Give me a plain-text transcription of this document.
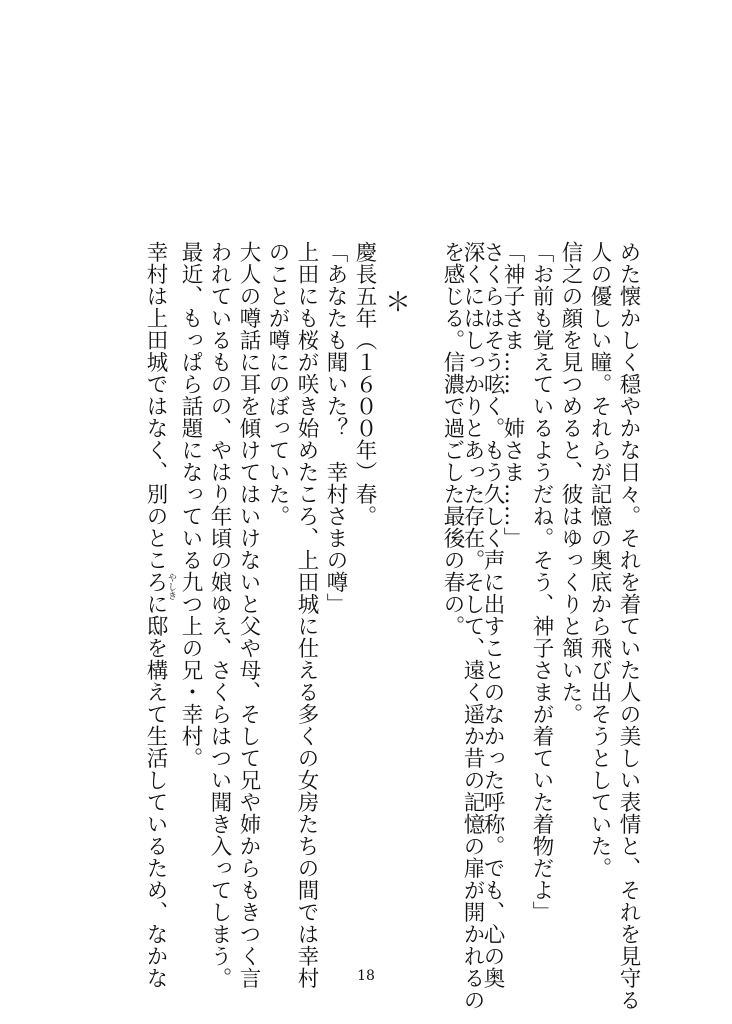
めた懐かしく穏やかな日々。それを着ていた人の美しい表情と、それを見守る
人の優しい瞳。それらが記憶の奥底から飛び出そうとしていた。
信之の顔を見つめると、彼はゆっくりと頷いた。
「お前も覚えているようだね。そう、神子さまが着ていた着物だよ」
「神子さま……　姉さま……」
さくらはそう呟く。もう久しく声に出すことのなかった呼称。でも、心の奥
深くにはしっかりとあった存在。そして、遠く遥か昔の記憶の扉が開かれるの
を感じる。信濃で過ごした最後の春の。
＊
慶長五年（１６００年）春。
「あなたも聞いた？　幸村さまの噂」
上田にも桜が咲き始めたころ、上田城に仕える多くの女房たちの間では幸村
のことが噂にのぼっていた。
大人の噂話に耳を傾けてはいけないと父や母、そして兄や姉からもきつく言
われているものの、やはり年頃の娘ゆえ、さくらはつい聞き入ってしまう。
最近、もっぱら話題になっている九つ上の兄・幸村。
幸村は上田城ではなく、別のところに邸を構えて生活しているため、なかな
やしき
18
